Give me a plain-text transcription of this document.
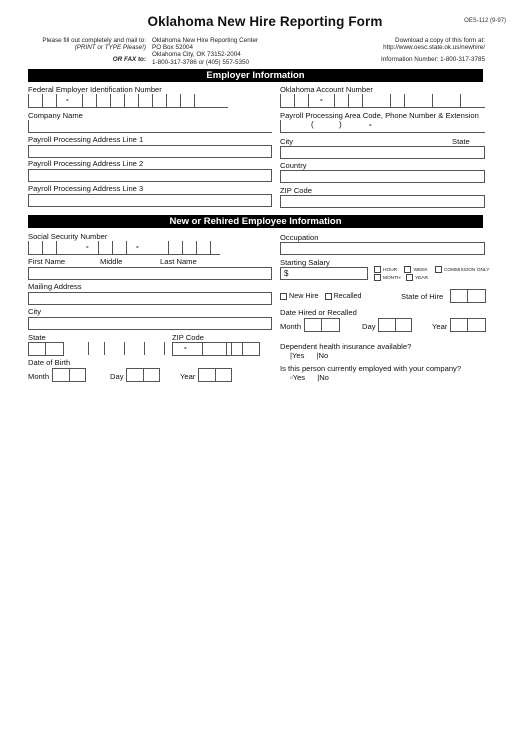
Oklahoma New Hire Reporting Form	OES-112 (9-97)
Please fill out completely and mail to:
(PRINT or TYPE Please!)
OR FAX to:
Oklahoma New Hire Reporting Center
PO Box 52004
Oklahoma City, OK 73152-2004
1-800-317-3786 or (405) 557-5350
Download a copy of this form at:
http://www.oesc.state.ok.us/newhire/
Information Number: 1-800-317-3785
Employer Information
Federal Employer Identification Number
-
Oklahoma Account Number
-
Company Name	Payroll Processing Area Code, Phone Number & Extension
(	)	-
Payroll Processing Address Line 1	City	State
Payroll Processing Address Line 2	Country
Payroll Processing Address Line 3	ZIP Code
New or Rehired Employee Information
Social Security Number
-	-
Occupation
First Name	Middle	Last Name	Starting Salary
$	HOUR	WEEK	COMMISSION ONLY
MONTH	YEAR
Mailing Address
New Hire Recalled	State of Hire
City	Date Hired or Recalled
Month	Day	Year
State	ZIP Code
-	Dependent health insurance available?
|Yes |No
Date of Birth
Month	Day	Year
Is this person currently employed with your company?
▫Yes |No
